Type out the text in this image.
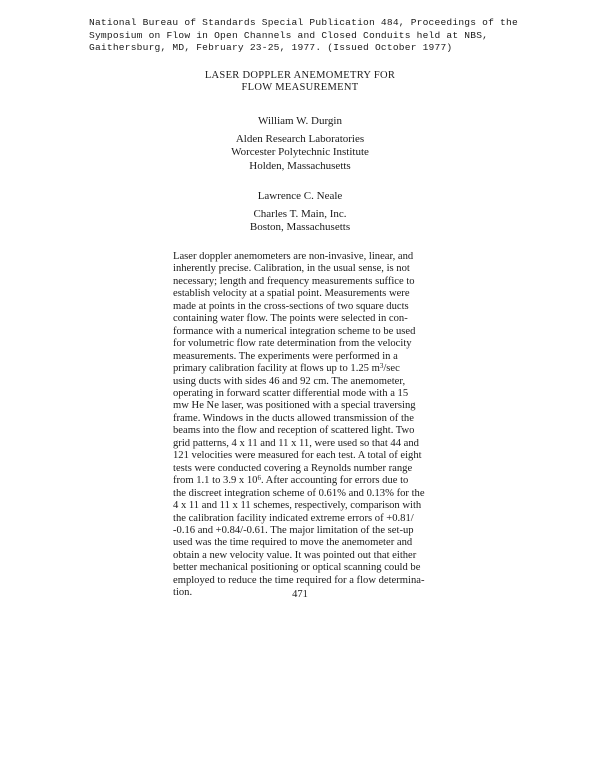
National Bureau of Standards Special Publication 484, Proceedings of the
Symposium on Flow in Open Channels and Closed Conduits held at NBS,
Gaithersburg, MD, February 23-25, 1977. (Issued October 1977)
LASER DOPPLER ANEMOMETRY FOR
FLOW MEASUREMENT
William W. Durgin
Alden Research Laboratories
Worcester Polytechnic Institute
Holden, Massachusetts
Lawrence C. Neale
Charles T. Main, Inc.
Boston, Massachusetts
Laser doppler anemometers are non-invasive, linear, and
inherently precise. Calibration, in the usual sense, is not
necessary; length and frequency measurements suffice to
establish velocity at a spatial point. Measurements were
made at points in the cross-sections of two square ducts
containing water flow. The points were selected in con-
formance with a numerical integration scheme to be used
for volumetric flow rate determination from the velocity
measurements. The experiments were performed in a
primary calibration facility at flows up to 1.25 $m^3/\sec$
using ducts with sides 46 and 92 cm. The anemometer,
operating in forward scatter differential mode with a 15
mw He Ne laser, was positioned with a special traversing
frame. Windows in the ducts allowed transmission of the
beams into the flow and reception of scattered light. Two
grid patterns, 4 x 11 and 11 x 11, were used so that 44 and
121 velocities were measured for each test. A total of eight
tests were conducted covering a Reynolds number range
from 1.1 to 3.9 x $10^6$. After accounting for errors due to
the discreet integration scheme of 0.61% and 0.13% for the
4 x 11 and 11 x 11 schemes, respectively, comparison with
the calibration facility indicated extreme errors of +0.81/
-0.16 and +0.84/-0.61. The major limitation of the set-up
used was the time required to move the anemometer and
obtain a new velocity value. It was pointed out that either
better mechanical positioning or optical scanning could be
employed to reduce the time required for a flow determina-
tion.	471
